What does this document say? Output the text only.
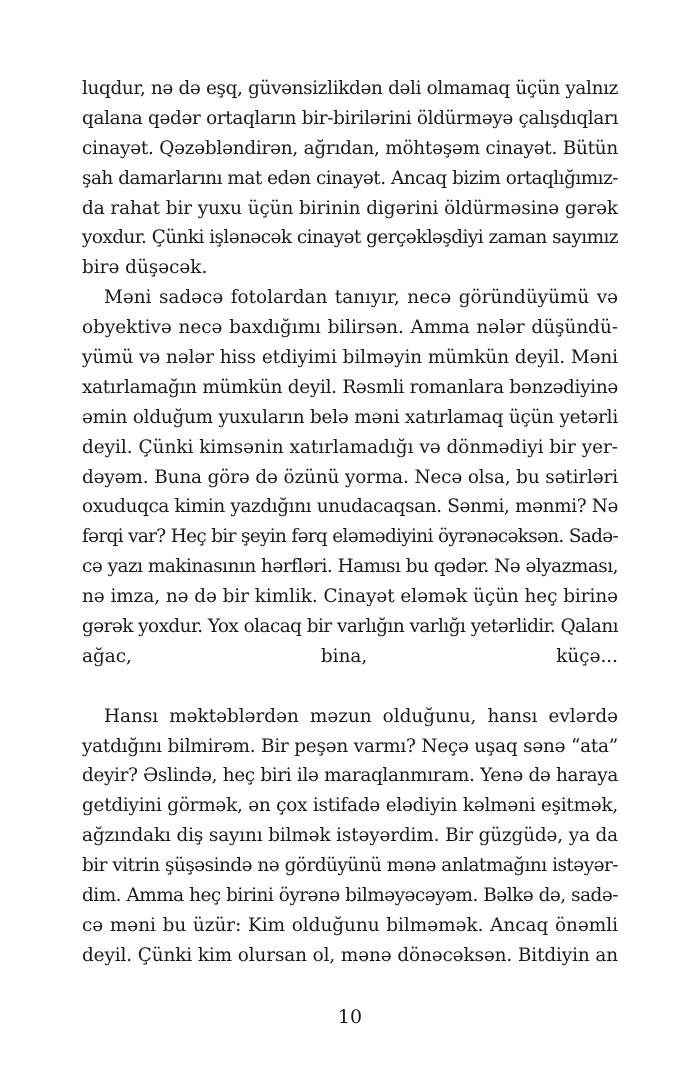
luqdur, nə də eşq, güvənsizlikdən dəli olmamaq üçün yalnız
qalana qədər ortaqların bir-birilərini öldürməyə çalışdıqları
cinayət. Qəzəbləndirən, ağrıdan, möhtəşəm cinayət. Bütün
şah damarlarını mat edən cinayət. Ancaq bizim ortaqlığımız-
da rahat bir yuxu üçün birinin digərini öldürməsinə gərək
yoxdur. Çünki işlənəcək cinayət gerçəkləşdiyi zaman sayımız
birə düşəcək.
Məni sadəcə fotolardan tanıyır, necə göründüyümü və
obyektivə necə baxdığımı bilirsən. Amma nələr düşündü-
yümü və nələr hiss etdiyimi bilməyin mümkün deyil. Məni
xatırlamağın mümkün deyil. Rəsmli romanlara bənzədiyinə
əmin olduğum yuxuların belə məni xatırlamaq üçün yetərli
deyil. Çünki kimsənin xatırlamadığı və dönmədiyi bir yer-
dəyəm. Buna görə də özünü yorma. Necə olsa, bu sətirləri
oxuduqca kimin yazdığını unudacaqsan. Sənmi, mənmi? Nə
fərqi var? Heç bir şeyin fərq eləmədiyini öyrənəcəksən. Sadə-
cə yazı makinasının hərfləri. Hamısı bu qədər. Nə əlyazması,
nə imza, nə də bir kimlik. Cinayət eləmək üçün heç birinə
gərək yoxdur. Yox olacaq bir varlığın varlığı yetərlidir. Qalanı
ağac, bina, küçə...
Hansı məktəblərdən məzun olduğunu, hansı evlərdə
yatdığını bilmirəm. Bir peşən varmı? Neçə uşaq sənə “ata”
deyir? Əslində, heç biri ilə maraqlanmıram. Yenə də haraya
getdiyini görmək, ən çox istifadə elədiyin kəlməni eşitmək,
ağzındakı diş sayını bilmək istəyərdim. Bir güzgüdə, ya da
bir vitrin şüşəsində nə gördüyünü mənə anlatmağını istəyər-
dim. Amma heç birini öyrənə bilməyəcəyəm. Bəlkə də, sadə-
cə məni bu üzür: Kim olduğunu bilməmək. Ancaq önəmli
deyil. Çünki kim olursan ol, mənə dönəcəksən. Bitdiyin an
10
